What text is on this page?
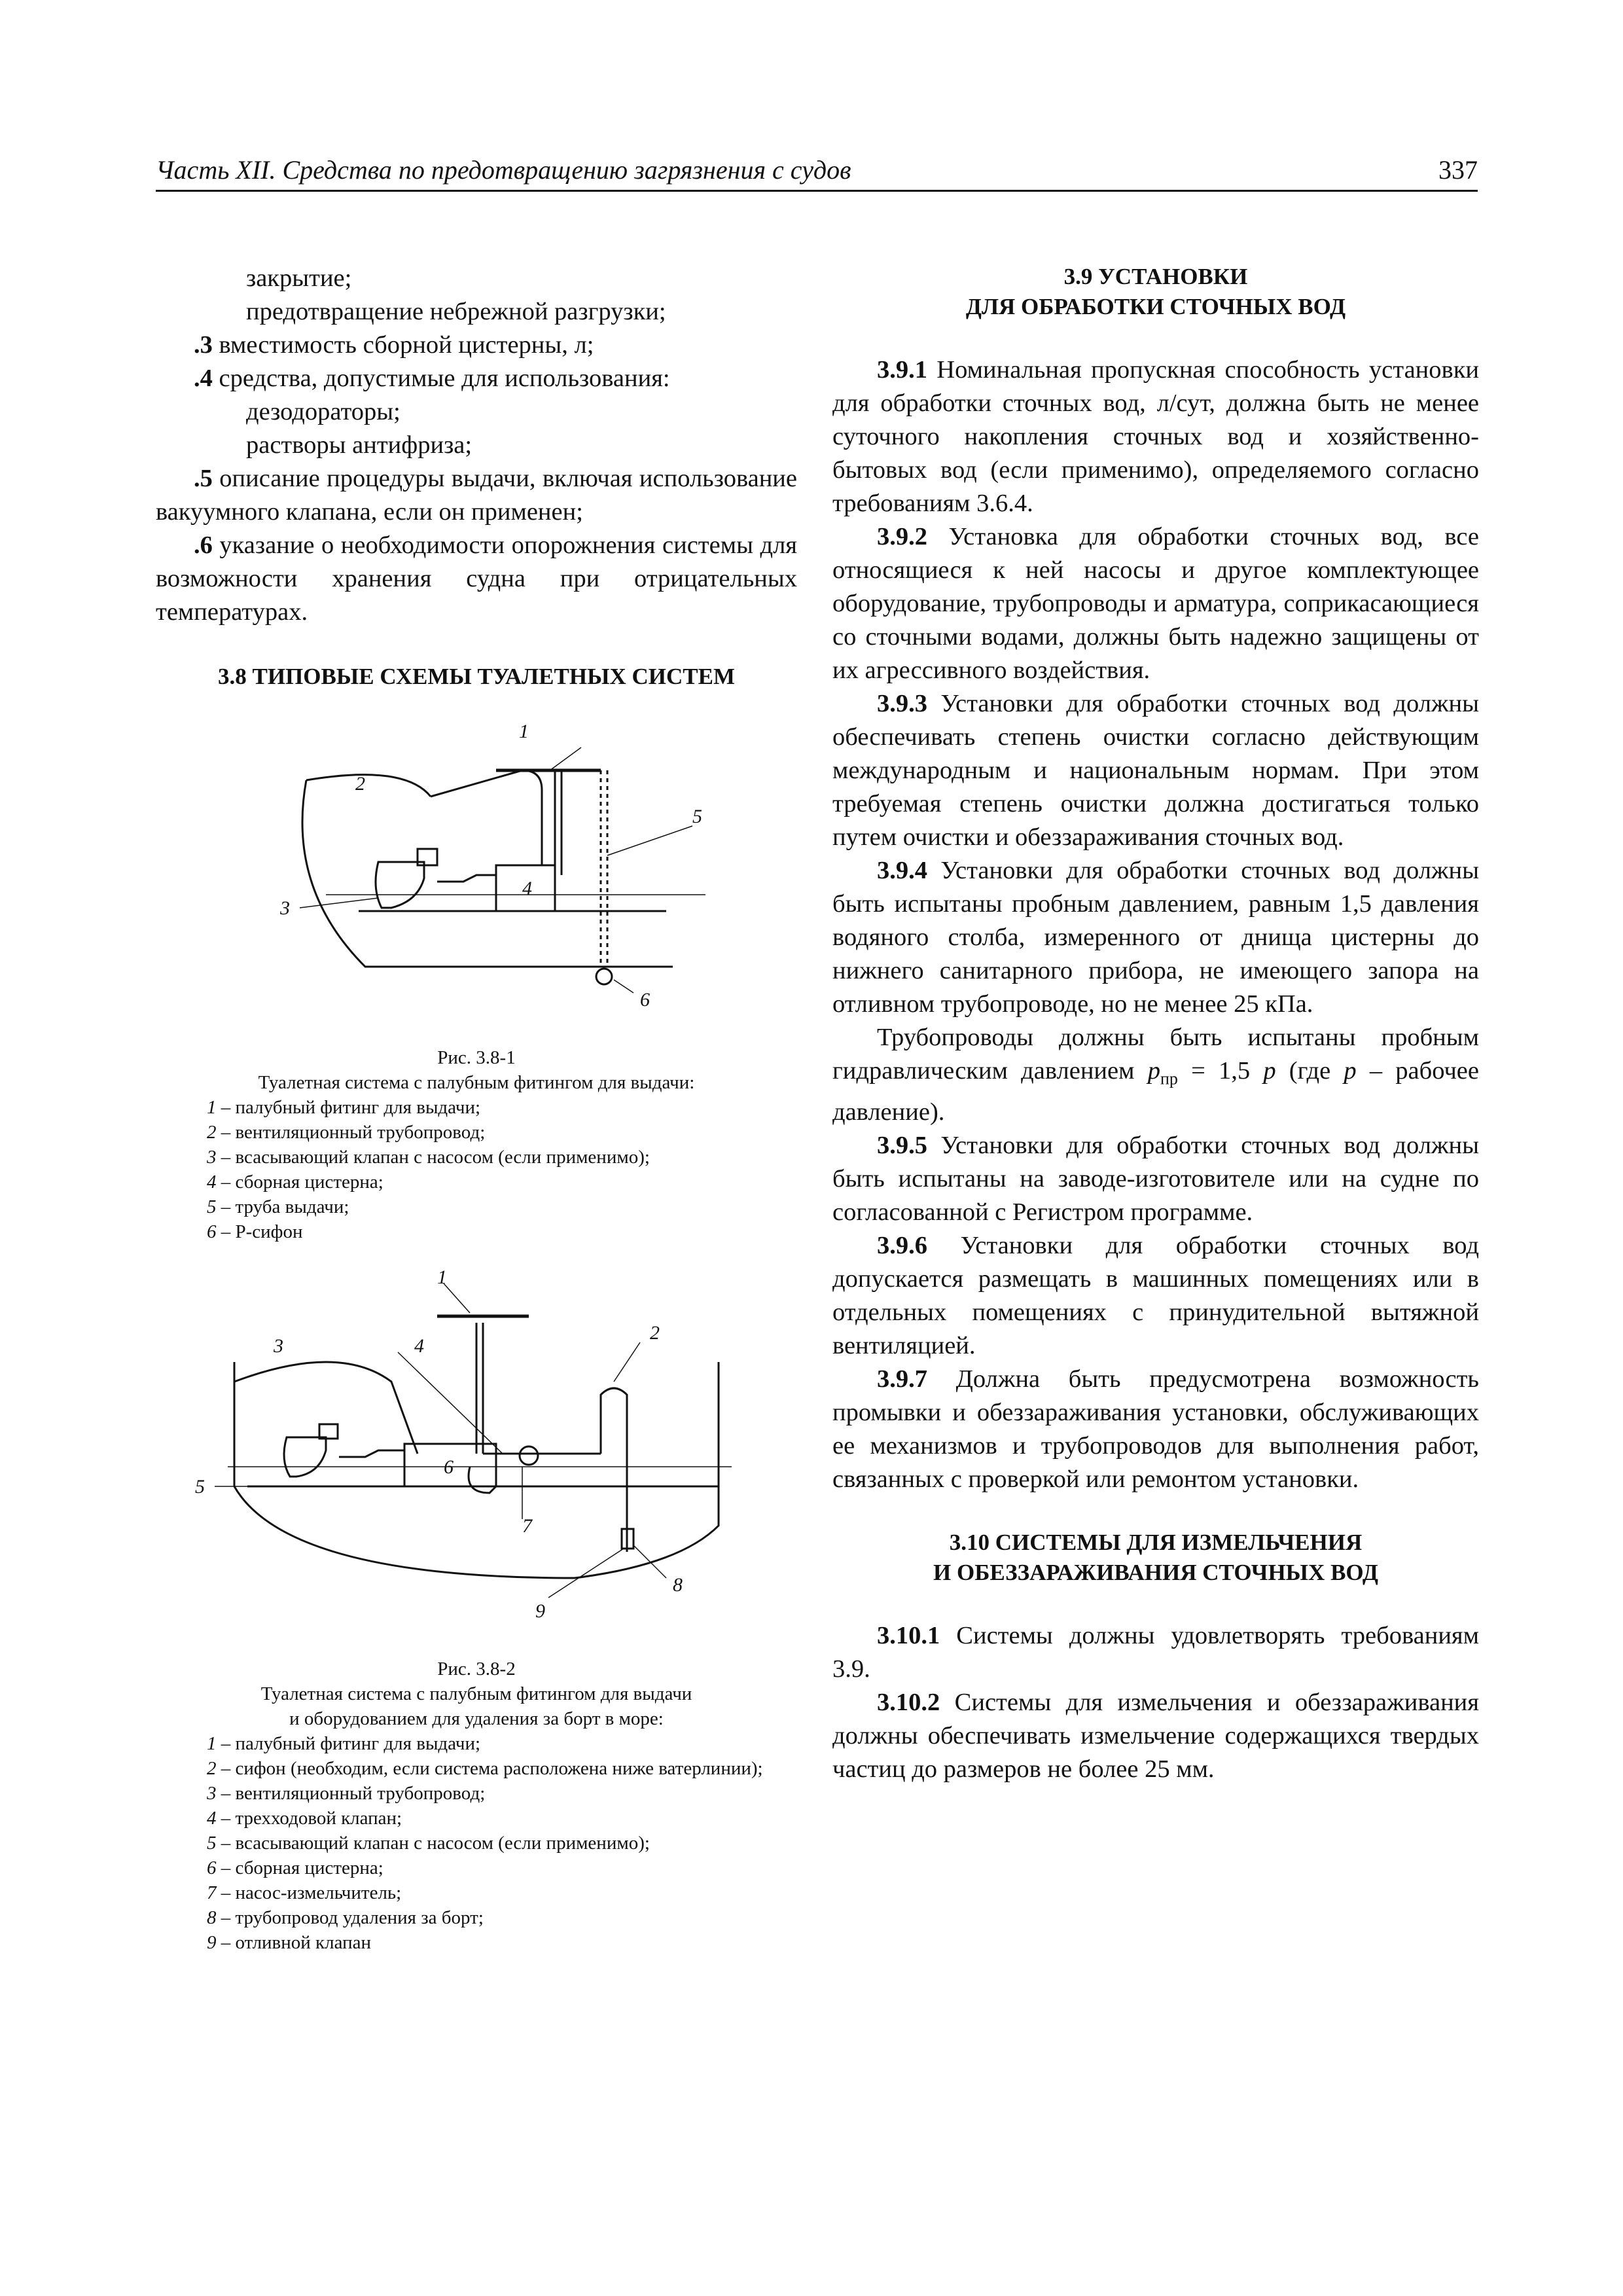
Часть XII. Средства по предотвращению загрязнения с судов	337

закрытие;

предотвращение небрежной разгрузки;

.3 вместимость сборной цистерны, л;

.4 средства, допустимые для использования:

дезодораторы;

растворы антифриза;

.5 описание процедуры выдачи, включая использование вакуумного клапана, если он применен;

.6 указание о необходимости опорожнения системы для возможности хранения судна при отрицательных температурах.

3.8 ТИПОВЫЕ СХЕМЫ ТУАЛЕТНЫХ СИСТЕМ

1
2
3
4
5
6
Рис. 3.8-1
Туалетная система с палубным фитингом для выдачи:
1 – палубный фитинг для выдачи;
2 – вентиляционный трубопровод;
3 – всасывающий клапан с насосом (если применимо);
4 – сборная цистерна;
5 – труба выдачи;
6 – Р-сифон
1
2
3	4
5
6
7
8
9
Рис. 3.8-2
Туалетная система с палубным фитингом для выдачи
и оборудованием для удаления за борт в море:
1 – палубный фитинг для выдачи;
2 – сифон (необходим, если система расположена ниже ватерлинии);
3 – вентиляционный трубопровод;
4 – трехходовой клапан;
5 – всасывающий клапан с насосом (если применимо);
6 – сборная цистерна;
7 – насос-измельчитель;
8 – трубопровод удаления за борт;
9 – отливной клапан

3.9 УСТАНОВКИ
ДЛЯ ОБРАБОТКИ СТОЧНЫХ ВОД

3.9.1 Номинальная пропускная способность установки для обработки сточных вод, л/сут, должна быть не менее суточного накопления сточных вод и хозяйственно-бытовых вод (если применимо), определяемого согласно требованиям 3.6.4.

3.9.2 Установка для обработки сточных вод, все относящиеся к ней насосы и другое комплектующее оборудование, трубопроводы и арматура, соприкасающиеся со сточными водами, должны быть надежно защищены от их агрессивного воздействия.

3.9.3 Установки для обработки сточных вод должны обеспечивать степень очистки согласно действующим международным и национальным нормам. При этом требуемая степень очистки должна достигаться только путем очистки и обеззараживания сточных вод.

3.9.4 Установки для обработки сточных вод должны быть испытаны пробным давлением, равным 1,5 давления водяного столба, измеренного от днища цистерны до нижнего санитарного прибора, не имеющего запора на отливном трубопроводе, но не менее 25 кПа.

Трубопроводы должны быть испытаны пробным гидравлическим давлением $p_{пр} = 1,5$ p (где p – рабочее давление).

3.9.5 Установки для обработки сточных вод должны быть испытаны на заводе-изготовителе или на судне по согласованной с Регистром программе.

3.9.6 Установки для обработки сточных вод допускается размещать в машинных помещениях или в отдельных помещениях с принудительной вытяжной вентиляцией.

3.9.7 Должна быть предусмотрена возможность промывки и обеззараживания установки, обслуживающих ее механизмов и трубопроводов для выполнения работ, связанных с проверкой или ремонтом установки.

3.10 СИСТЕМЫ ДЛЯ ИЗМЕЛЬЧЕНИЯ
И ОБЕЗЗАРАЖИВАНИЯ СТОЧНЫХ ВОД

3.10.1 Системы должны удовлетворять требованиям 3.9.

3.10.2 Системы для измельчения и обеззараживания должны обеспечивать измельчение содержащихся твердых частиц до размеров не более 25 мм.
